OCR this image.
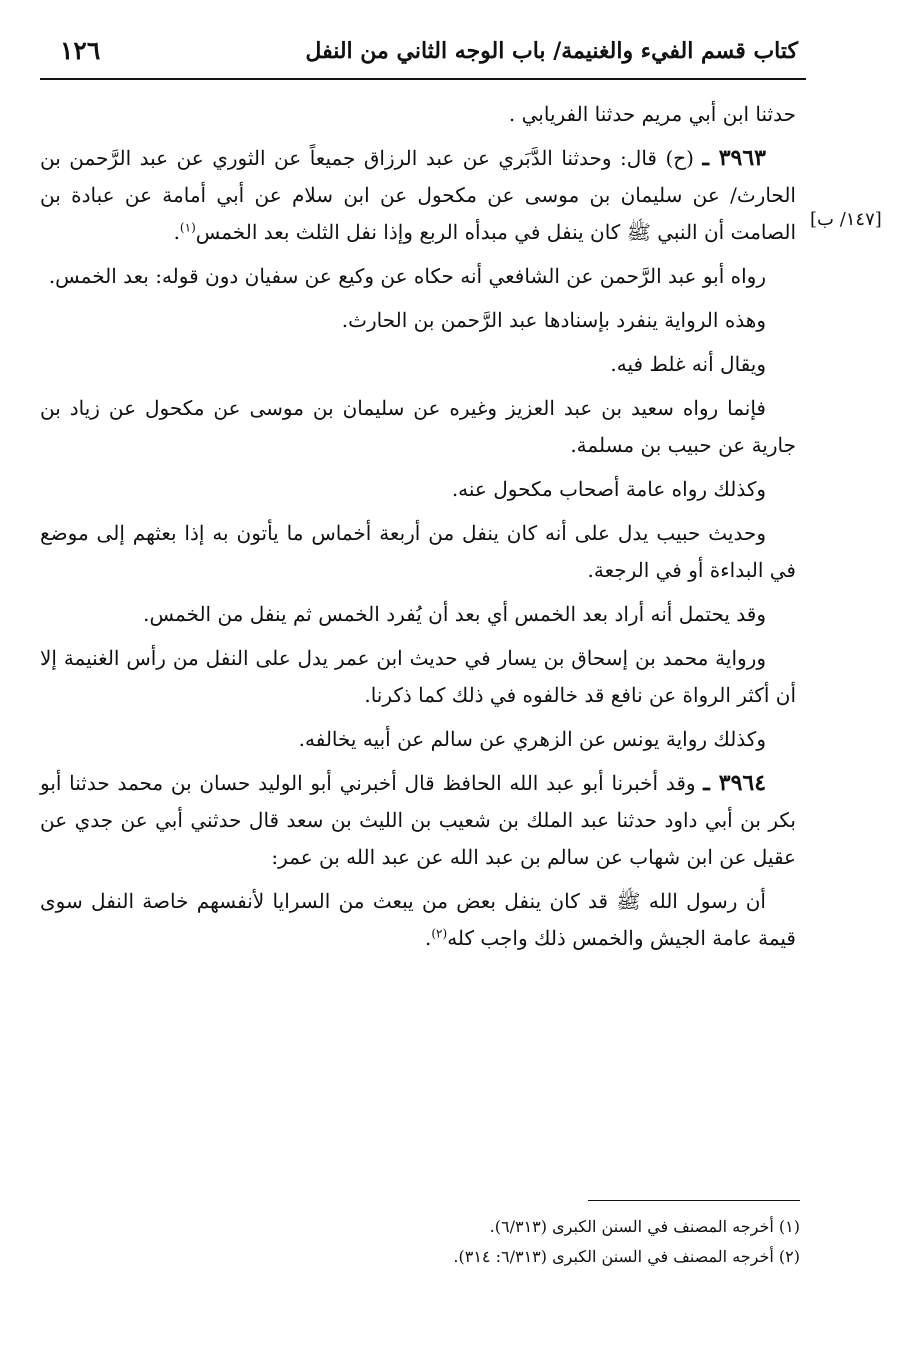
كتاب قسم الفيء والغنيمة/ باب الوجه الثاني من النفل
١٢٦
[١٤٧/ ب]

حدثنا ابن أبي مريم حدثنا الفريابي .

٣٩٦٣ ـ (ح) قال: وحدثنا الدَّبَري عن عبد الرزاق جميعاً عن الثوري عن عبد الرَّحمن بن الحارث/ عن سليمان بن موسى عن مكحول عن ابن سلام عن أبي أمامة عن عبادة بن الصامت أن النبي ﷺ كان ينفل في مبدأه الربع وإذا نفل الثلث بعد الخمس$^{(١)}$.

رواه أبو عبد الرَّحمن عن الشافعي أنه حكاه عن وكيع عن سفيان دون قوله: بعد الخمس.

وهذه الرواية ينفرد بإسنادها عبد الرَّحمن بن الحارث.

ويقال أنه غلط فيه.

فإنما رواه سعيد بن عبد العزيز وغيره عن سليمان بن موسى عن مكحول عن زياد بن جارية عن حبيب بن مسلمة.

وكذلك رواه عامة أصحاب مكحول عنه.

وحديث حبيب يدل على أنه كان ينفل من أربعة أخماس ما يأتون به إذا بعثهم إلى موضع في البداءة أو في الرجعة.

وقد يحتمل أنه أراد بعد الخمس أي بعد أن يُفرد الخمس ثم ينفل من الخمس.

ورواية محمد بن إسحاق بن يسار في حديث ابن عمر يدل على النفل من رأس الغنيمة إلا أن أكثر الرواة عن نافع قد خالفوه في ذلك كما ذكرنا.

وكذلك رواية يونس عن الزهري عن سالم عن أبيه يخالفه.

٣٩٦٤ ـ وقد أخبرنا أبو عبد الله الحافظ قال أخبرني أبو الوليد حسان بن محمد حدثنا أبو بكر بن أبي داود حدثنا عبد الملك بن شعيب بن الليث بن سعد قال حدثني أبي عن جدي عن عقيل عن ابن شهاب عن سالم بن عبد الله عن عبد الله بن عمر:

أن رسول الله ﷺ قد كان ينفل بعض من يبعث من السرايا لأنفسهم خاصة النفل سوى قيمة عامة الجيش والخمس ذلك واجب كله$^{(٢)}$.

(١) أخرجه المصنف في السنن الكبرى (٦/٣١٣).

(٢) أخرجه المصنف في السنن الكبرى (٦/٣١٣: ٣١٤).
